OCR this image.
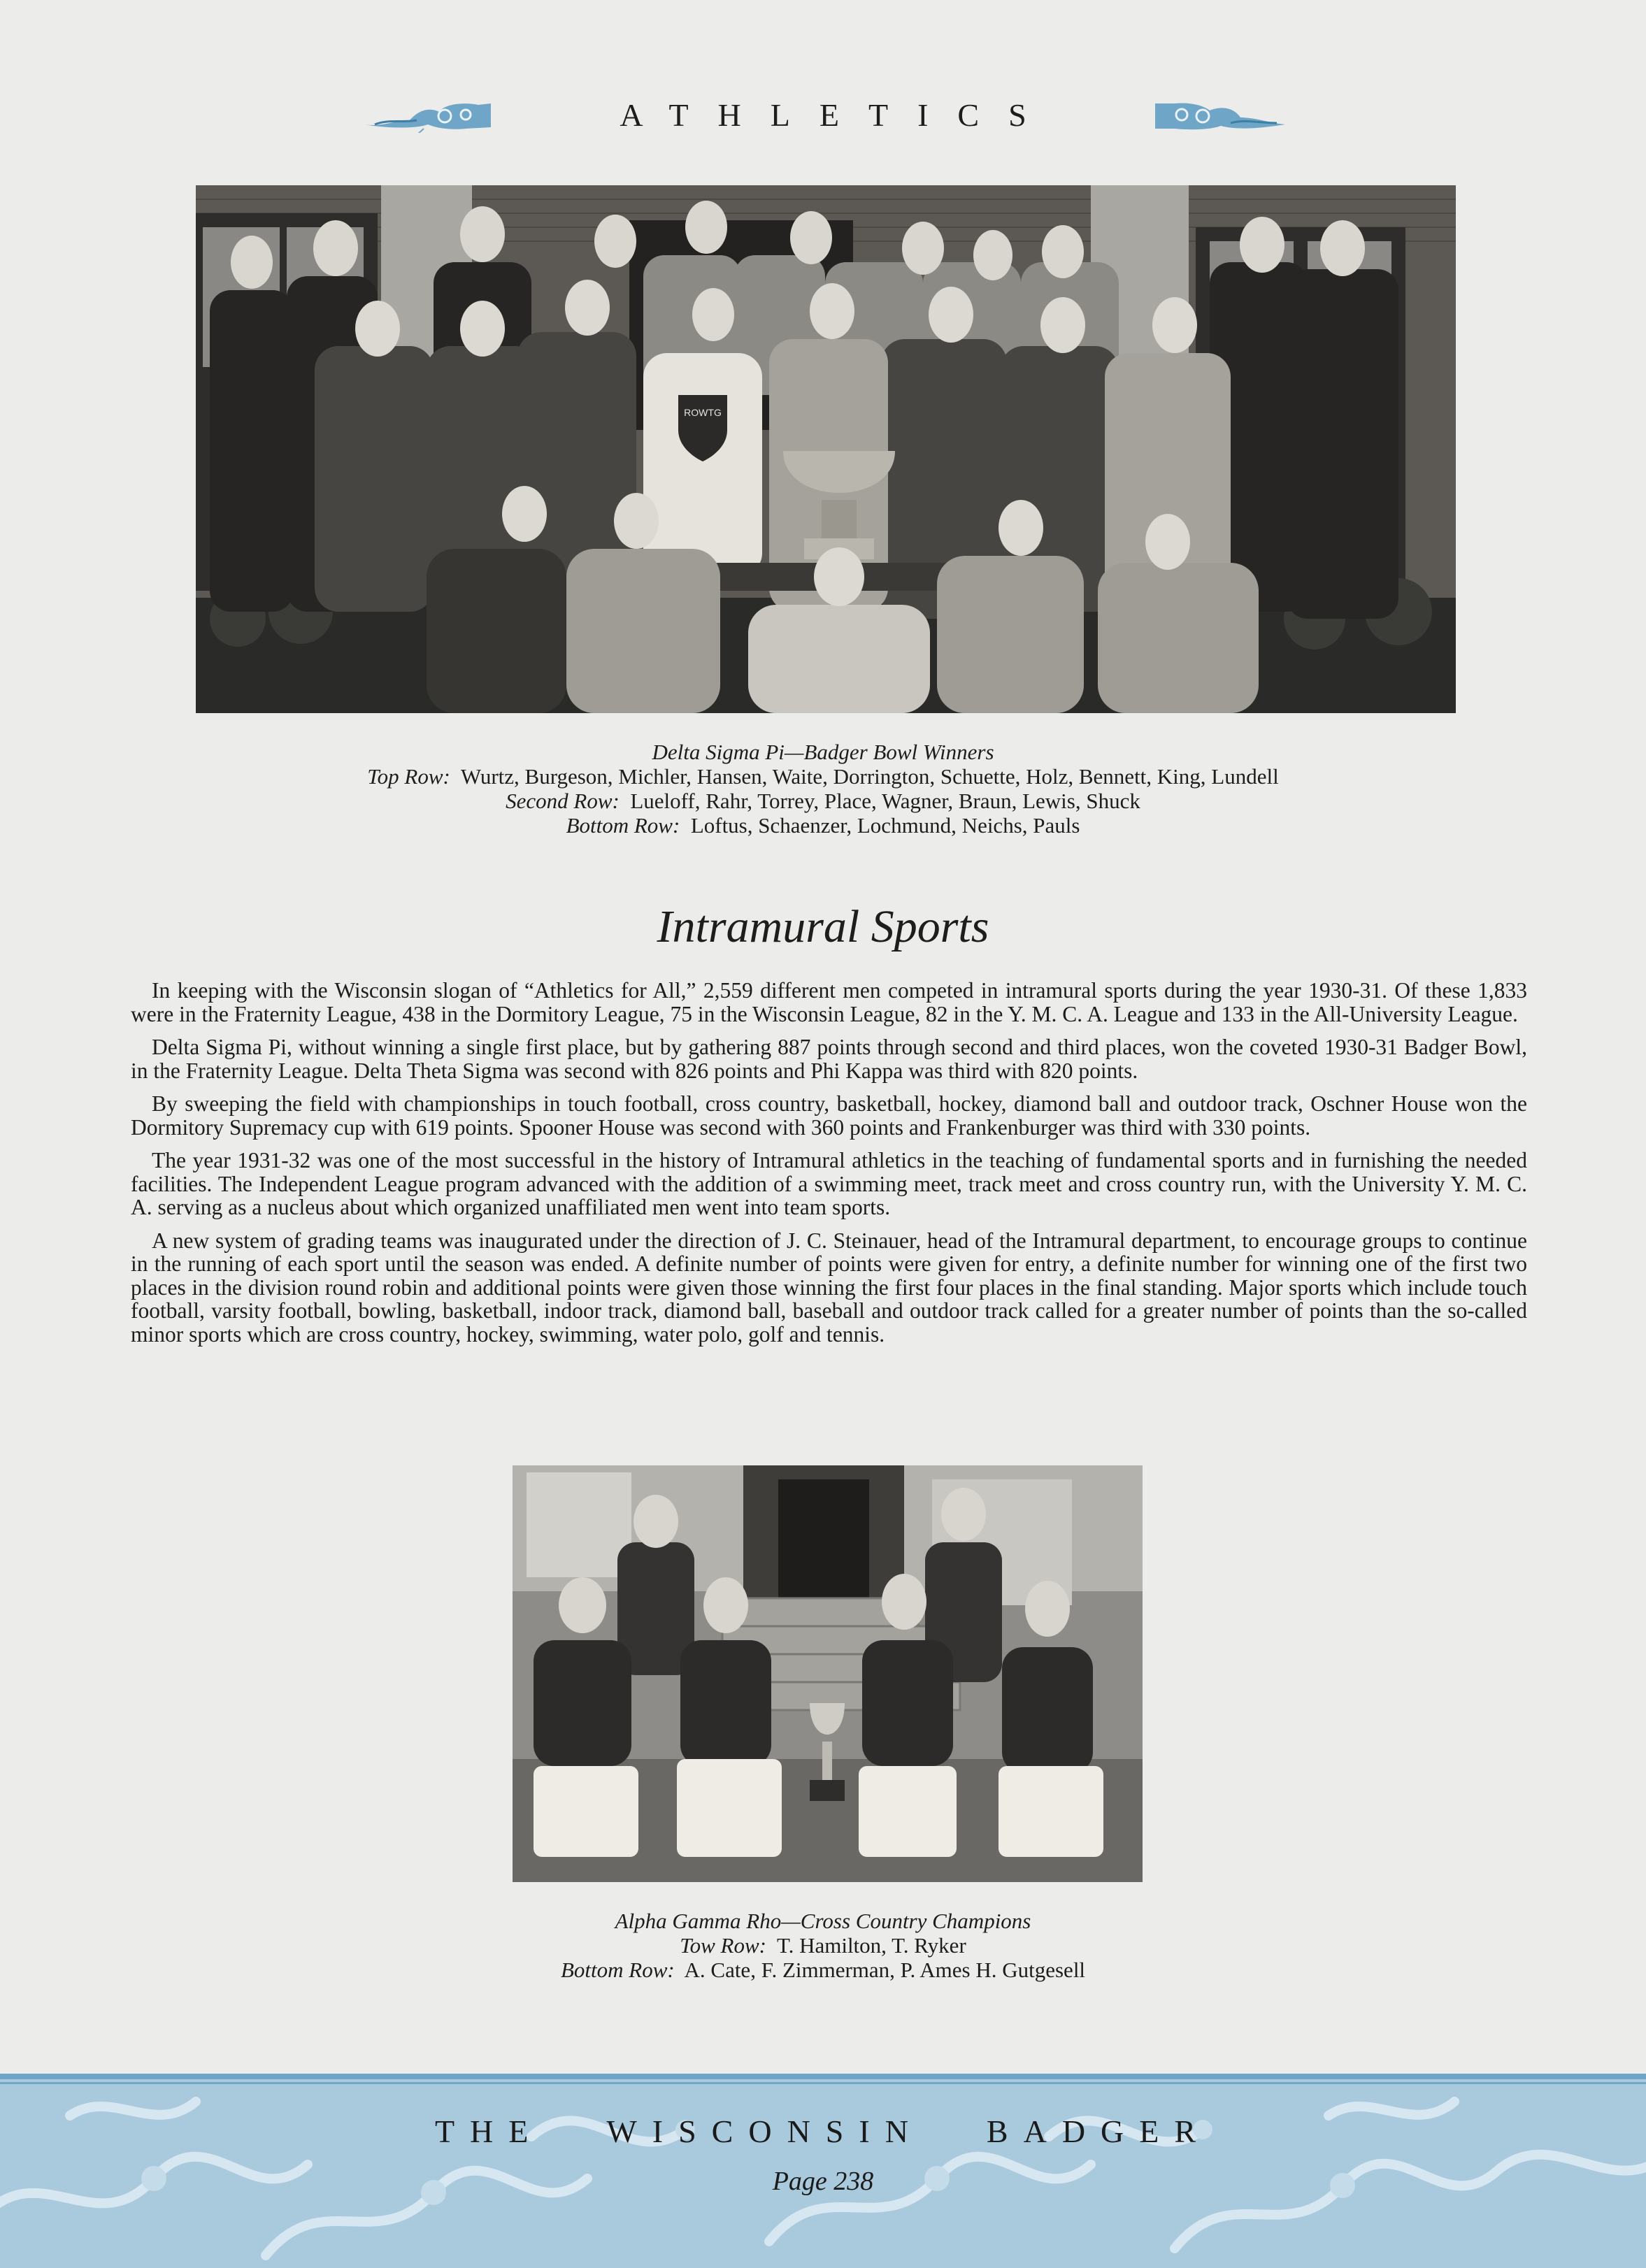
ATHLETICS
ROWTG
Delta Sigma Pi—Badger Bowl Winners
Top Row: Wurtz, Burgeson, Michler, Hansen, Waite, Dorrington, Schuette, Holz, Bennett, King, Lundell
Second Row: Lueloff, Rahr, Torrey, Place, Wagner, Braun, Lewis, Shuck
Bottom Row: Loftus, Schaenzer, Lochmund, Neichs, Pauls
Intramural Sports

In keeping with the Wisconsin slogan of “Athletics for All,” 2,559 different men competed in intramural sports during the year 1930-31. Of these 1,833 were in the Fraternity League, 438 in the Dormitory League, 75 in the Wisconsin League, 82 in the Y. M. C. A. League and 133 in the All-University League.

Delta Sigma Pi, without winning a single first place, but by gathering 887 points through second and third places, won the coveted 1930-31 Badger Bowl, in the Fraternity League. Delta Theta Sigma was second with 826 points and Phi Kappa was third with 820 points.

By sweeping the field with championships in touch football, cross country, basketball, hockey, diamond ball and outdoor track, Oschner House won the Dormitory Supremacy cup with 619 points. Spooner House was second with 360 points and Frankenburger was third with 330 points.

The year 1931-32 was one of the most successful in the history of Intramural athletics in the teaching of fundamental sports and in furnishing the needed facilities. The Independent League program advanced with the addition of a swimming meet, track meet and cross country run, with the University Y. M. C. A. serving as a nucleus about which organized unaffiliated men went into team sports.

A new system of grading teams was inaugurated under the direction of J. C. Steinauer, head of the Intramural department, to encourage groups to continue in the running of each sport until the season was ended. A definite number of points were given for entry, a definite number for winning one of the first two places in the division round robin and additional points were given those winning the first four places in the final standing. Major sports which include touch football, varsity football, bowling, basketball, indoor track, diamond ball, baseball and outdoor track called for a greater number of points than the so-called minor sports which are cross country, hockey, swimming, water polo, golf and tennis.

Alpha Gamma Rho—Cross Country Champions
Tow Row: T. Hamilton, T. Ryker
Bottom Row: A. Cate, F. Zimmerman, P. Ames H. Gutgesell
THE WISCONSIN BADGER
Page 238
